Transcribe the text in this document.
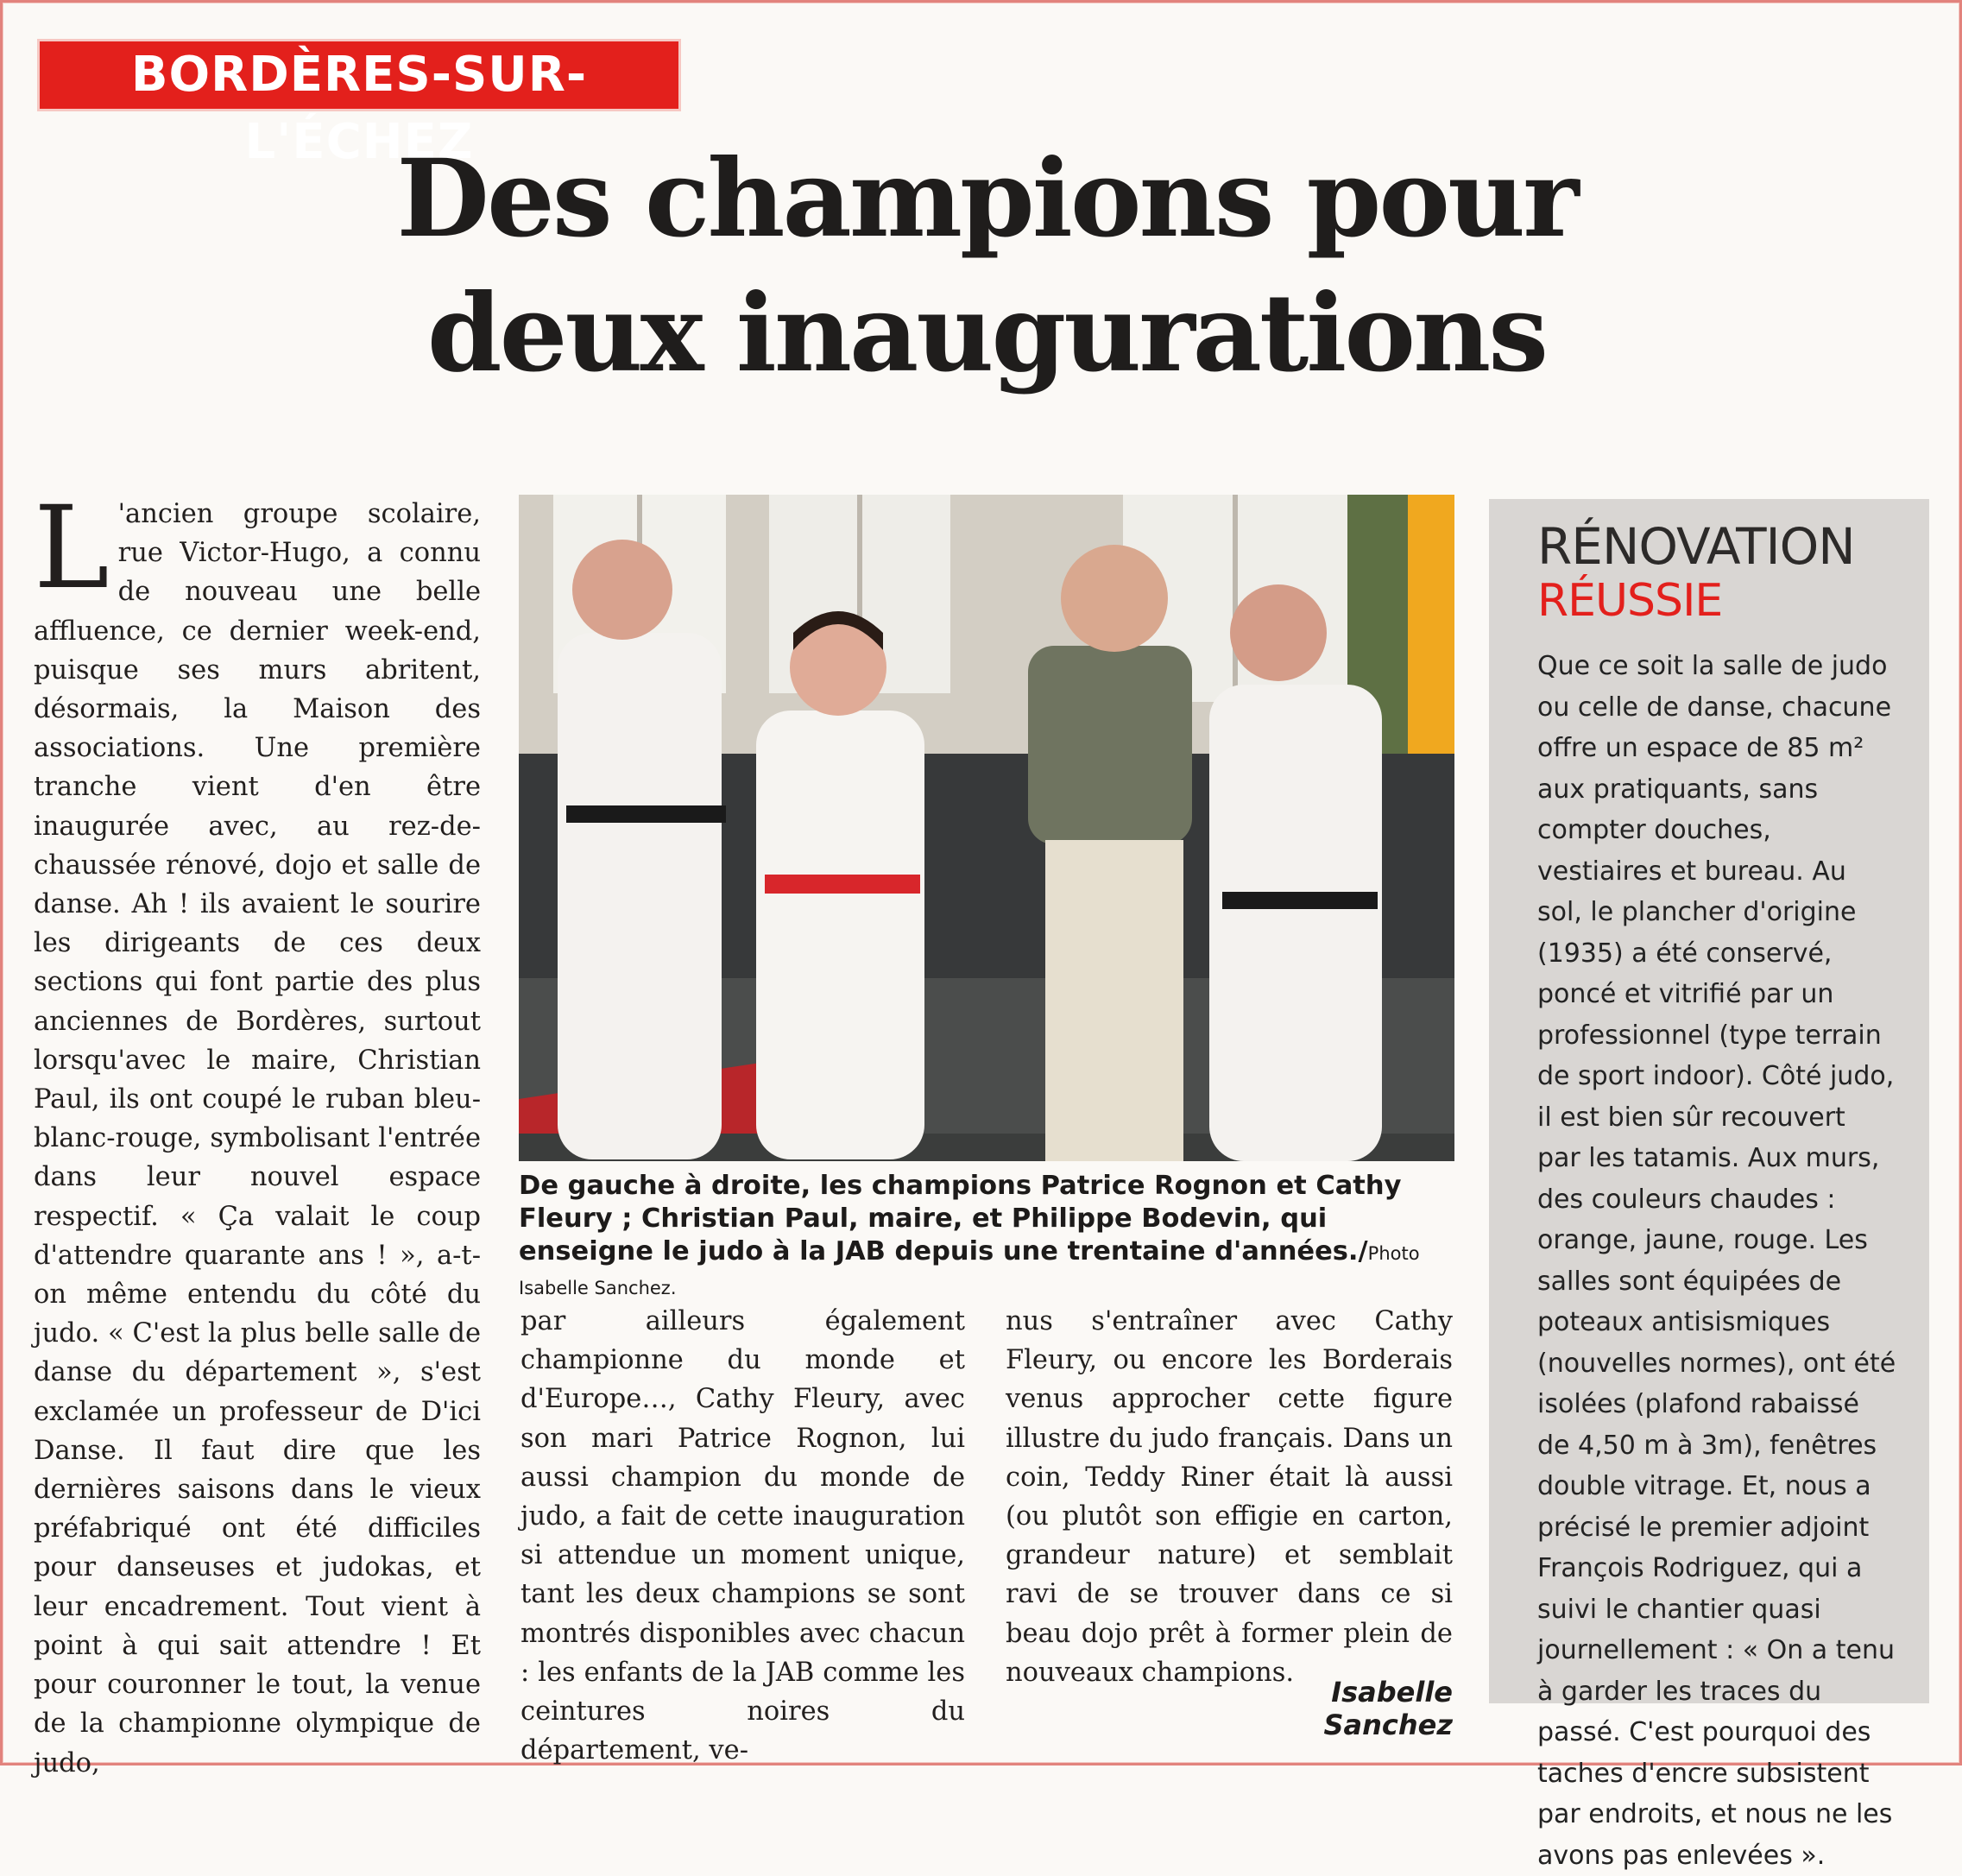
BORDÈRES-SUR-L'ÉCHEZ
Des champions pour deux inaugurations
L 'ancien groupe scolaire, rue Victor-Hugo, a connu de nouveau une belle affluence, ce dernier week-end, puisque ses murs abritent, désormais, la Maison des associations. Une première tranche vient d'en être inaugurée avec, au rez-de-chaussée rénové, dojo et salle de danse. Ah ! ils avaient le sourire les dirigeants de ces deux sections qui font partie des plus anciennes de Bordères, surtout lorsqu'avec le maire, Christian Paul, ils ont coupé le ruban bleu-blanc-rouge, symbolisant l'entrée dans leur nouvel espace respectif. « Ça valait le coup d'attendre quarante ans ! », a-t-on même entendu du côté du judo. « C'est la plus belle salle de danse du département », s'est exclamée un professeur de D'ici Danse. Il faut dire que les dernières saisons dans le vieux préfabriqué ont été difficiles pour danseuses et judokas, et leur encadrement. Tout vient à point à qui sait attendre ! Et pour couronner le tout, la venue de la championne olympique de judo,
De gauche à droite, les champions Patrice Rognon et Cathy Fleury ; Christian Paul, maire, et Philippe Bodevin, qui enseigne le judo à la JAB depuis une trentaine d'années./Photo Isabelle Sanchez.
par ailleurs également championne du monde et d'Europe…, Cathy Fleury, avec son mari Patrice Rognon, lui aussi champion du monde de judo, a fait de cette inauguration si attendue un moment unique, tant les deux champions se sont montrés disponibles avec chacun : les enfants de la JAB comme les ceintures noires du département, ve-
nus s'entraîner avec Cathy Fleury, ou encore les Borderais venus approcher cette figure illustre du judo français. Dans un coin, Teddy Riner était là aussi (ou plutôt son effigie en carton, grandeur nature) et semblait ravi de se trouver dans ce si beau dojo prêt à former plein de nouveaux champions.
Isabelle Sanchez
RÉNOVATION
RÉUSSIE
Que ce soit la salle de judo ou celle de danse, chacune offre un espace de 85 m² aux pratiquants, sans compter douches, vestiaires et bureau. Au sol, le plancher d'origine (1935) a été conservé, poncé et vitrifié par un professionnel (type terrain de sport indoor). Côté judo, il est bien sûr recouvert par les tatamis. Aux murs, des couleurs chaudes : orange, jaune, rouge. Les salles sont équipées de poteaux antisismiques (nouvelles normes), ont été isolées (plafond rabaissé de 4,50 m à 3m), fenêtres double vitrage. Et, nous a précisé le premier adjoint François Rodriguez, qui a suivi le chantier quasi journellement : « On a tenu à garder les traces du passé. C'est pourquoi des taches d'encre subsistent par endroits, et nous ne les avons pas enlevées ».
